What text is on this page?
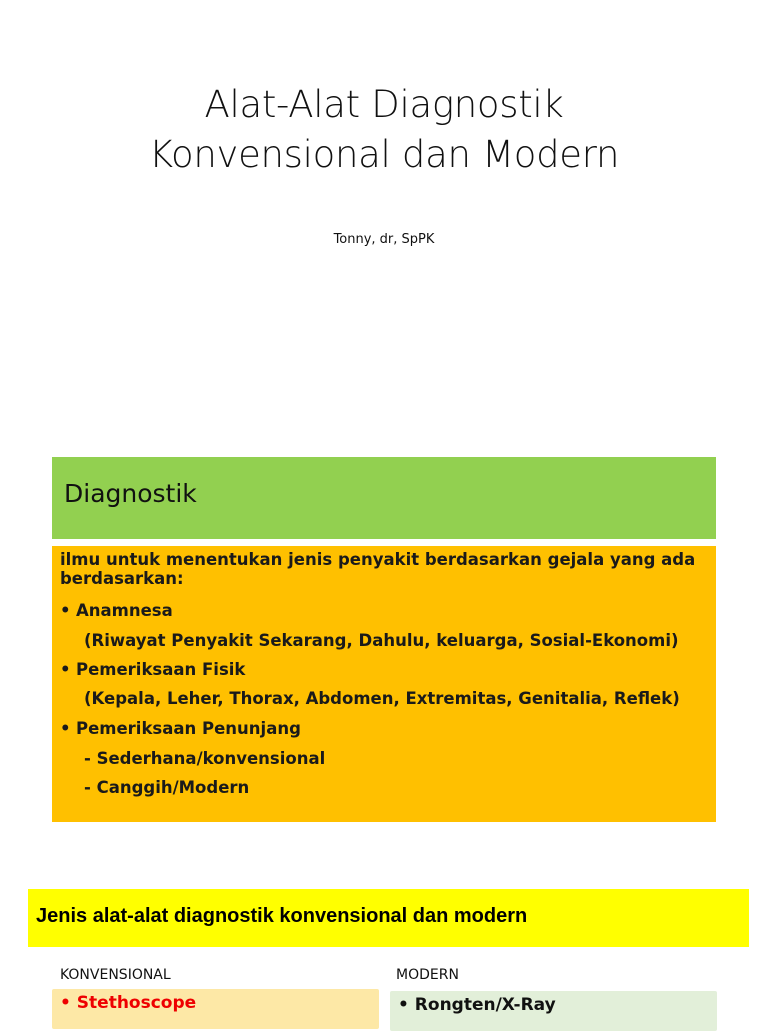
Alat-Alat Diagnostik
Konvensional dan Modern
Tonny, dr, SpPK
Diagnostik
ilmu untuk menentukan jenis penyakit berdasarkan gejala yang ada berdasarkan:
• Anamnesa
(Riwayat Penyakit Sekarang, Dahulu, keluarga, Sosial-Ekonomi)
• Pemeriksaan Fisik
(Kepala, Leher, Thorax, Abdomen, Extremitas, Genitalia, Reflek)
• Pemeriksaan Penunjang
- Sederhana/konvensional
- Canggih/Modern
Jenis alat-alat diagnostik konvensional dan modern
KONVENSIONAL	MODERN
• Stethoscope	• Rongten/X-Ray
